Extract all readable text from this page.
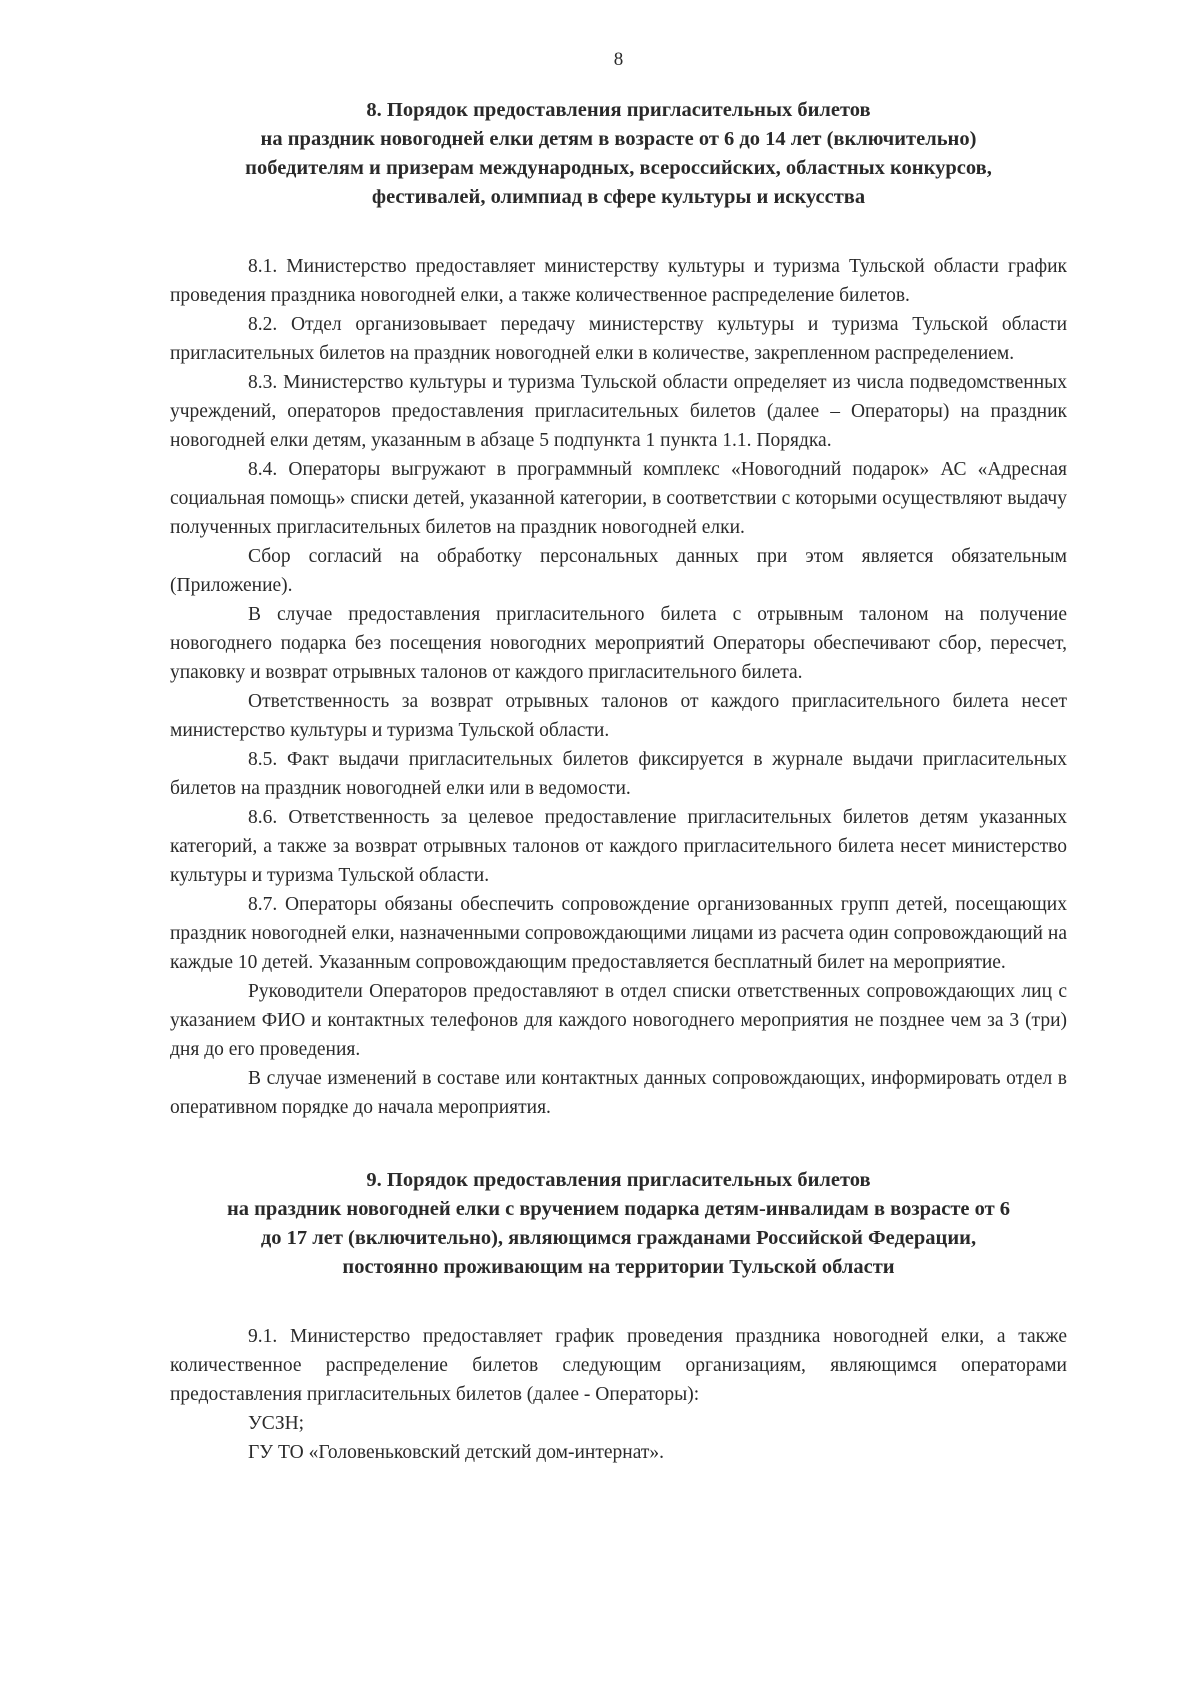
8
8. Порядок предоставления пригласительных билетов
на праздник новогодней елки детям в возрасте от 6 до 14 лет (включительно)
победителям и призерам международных, всероссийских, областных конкурсов,
фестивалей, олимпиад в сфере культуры и искусства

8.1. Министерство предоставляет министерству культуры и туризма Тульской области график проведения праздника новогодней елки, а также количественное распределение билетов.

8.2. Отдел организовывает передачу министерству культуры и туризма Тульской области пригласительных билетов на праздник новогодней елки в количестве, закрепленном распределением.

8.3. Министерство культуры и туризма Тульской области определяет из числа подведомственных учреждений, операторов предоставления пригласительных билетов (далее – Операторы) на праздник новогодней елки детям, указанным в абзаце 5 подпункта 1 пункта 1.1. Порядка.

8.4. Операторы выгружают в программный комплекс «Новогодний подарок» АС «Адресная социальная помощь» списки детей, указанной категории, в соответствии с которыми осуществляют выдачу полученных пригласительных билетов на праздник новогодней елки.

Сбор согласий на обработку персональных данных при этом является обязательным (Приложение).

В случае предоставления пригласительного билета с отрывным талоном на получение новогоднего подарка без посещения новогодних мероприятий Операторы обеспечивают сбор, пересчет, упаковку и возврат отрывных талонов от каждого пригласительного билета.

Ответственность за возврат отрывных талонов от каждого пригласительного билета несет министерство культуры и туризма Тульской области.

8.5. Факт выдачи пригласительных билетов фиксируется в журнале выдачи пригласительных билетов на праздник новогодней елки или в ведомости.

8.6. Ответственность за целевое предоставление пригласительных билетов детям указанных категорий, а также за возврат отрывных талонов от каждого пригласительного билета несет министерство культуры и туризма Тульской области.

8.7. Операторы обязаны обеспечить сопровождение организованных групп детей, посещающих праздник новогодней елки, назначенными сопровождающими лицами из расчета один сопровождающий на каждые 10 детей. Указанным сопровождающим предоставляется бесплатный билет на мероприятие.

Руководители Операторов предоставляют в отдел списки ответственных сопровождающих лиц с указанием ФИО и контактных телефонов для каждого новогоднего мероприятия не позднее чем за 3 (три) дня до его проведения.

В случае изменений в составе или контактных данных сопровождающих, информировать отдел в оперативном порядке до начала мероприятия.

9. Порядок предоставления пригласительных билетов
на праздник новогодней елки с вручением подарка детям-инвалидам в возрасте от 6
до 17 лет (включительно), являющимся гражданами Российской Федерации,
постоянно проживающим на территории Тульской области

9.1. Министерство предоставляет график проведения праздника новогодней елки, а также количественное распределение билетов следующим организациям, являющимся операторами предоставления пригласительных билетов (далее - Операторы):

УСЗН;

ГУ ТО «Головеньковский детский дом-интернат».
